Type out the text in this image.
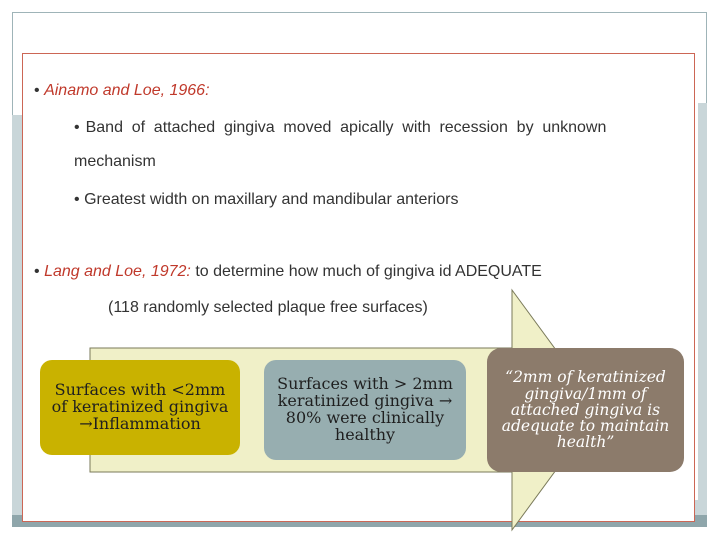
• Ainamo and Loe, 1966:
• Band of attached gingiva moved apically with recession by unknown
mechanism
• Greatest width on maxillary and mandibular anteriors
• Lang and Loe, 1972: to determine how much of gingiva id ADEQUATE
(118 randomly selected plaque free surfaces)
Surfaces with <2mm
of keratinized gingiva
→Inflammation
Surfaces with > 2mm
keratinized gingiva →
80% were clinically
healthy
“2mm of keratinized
gingiva/1mm of
attached gingiva is
adequate to maintain
health”
